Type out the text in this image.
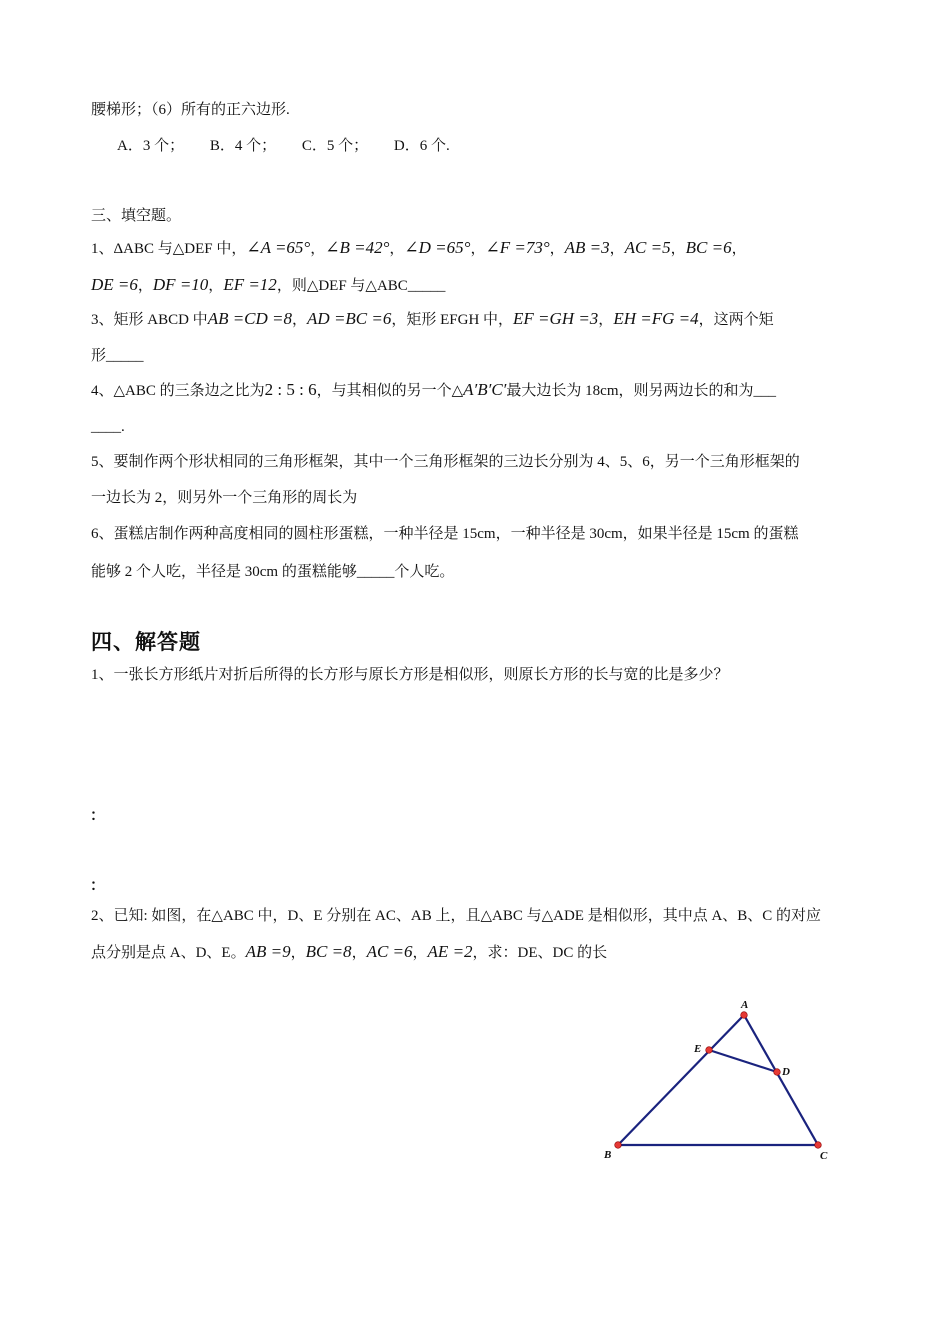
腰梯形；（6）所有的正六边形.
A．3 个； B．4 个； C．5 个； D．6 个.
三、填空题。
1、ΔABC 与△DEF 中，∠A =65°，∠B =42°，∠D =65°，∠F =73°，AB =3，AC =5，BC =6，
DE =6，DF =10，EF =12，则△DEF 与△ABC_____
3、矩形 ABCD 中AB =CD =8，AD =BC =6，矩形 EFGH 中，EF =GH =3，EH =FG =4，这两个矩
形_____
4、△ABC 的三条边之比为2 : 5 : 6，与其相似的另一个△A′B′C′最大边长为 18cm，则另两边长的和为___
____.
5、要制作两个形状相同的三角形框架，其中一个三角形框架的三边长分别为 4、5、6，另一个三角形框架的
一边长为 2，则另外一个三角形的周长为
6、蛋糕店制作两种高度相同的圆柱形蛋糕，一种半径是 15cm，一种半径是 30cm，如果半径是 15cm 的蛋糕
能够 2 个人吃，半径是 30cm 的蛋糕能够_____个人吃。
四、解答题
1、一张长方形纸片对折后所得的长方形与原长方形是相似形，则原长方形的长与宽的比是多少？
：
：
2、已知: 如图，在△ABC 中，D、E 分别在 AC、AB 上，且△ABC 与△ADE 是相似形，其中点 A、B、C 的对应
点分别是点 A、D、E。AB =9，BC =8，AC =6，AE =2，求：DE、DC 的长
A
B	C
D
E
